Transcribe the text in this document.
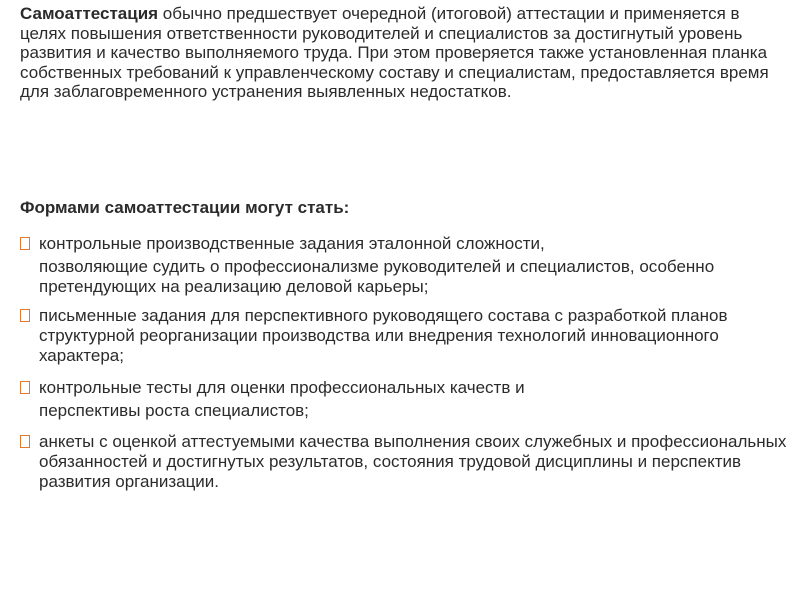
Самоаттестация обычно предшествует очередной (итоговой) аттестации и применяется в целях повышения ответственности руководителей и специалистов за достигнутый уровень развития и качество выполняемого труда. При этом проверяется также установленная планка собственных требований к управленческому составу и специалистам, предоставляется время для заблаговременного устранения выявленных недостатков.

Формами самоаттестации могут стать:

контрольные производственные задания эталонной сложности,
позволяющие судить о профессионализме руководителей и специалистов, особенно претендующих на реализацию деловой карьеры;
письменные задания для перспективного руководящего состава с разработкой планов структурной реорганизации производства или внедрения технологий инновационного характера;
контрольные тесты для оценки профессиональных качеств и
перспективы роста специалистов;
анкеты с оценкой аттестуемыми качества выполнения своих служебных и профессиональных обязанностей и достигнутых результатов, состояния трудовой дисциплины и перспектив развития организации.
